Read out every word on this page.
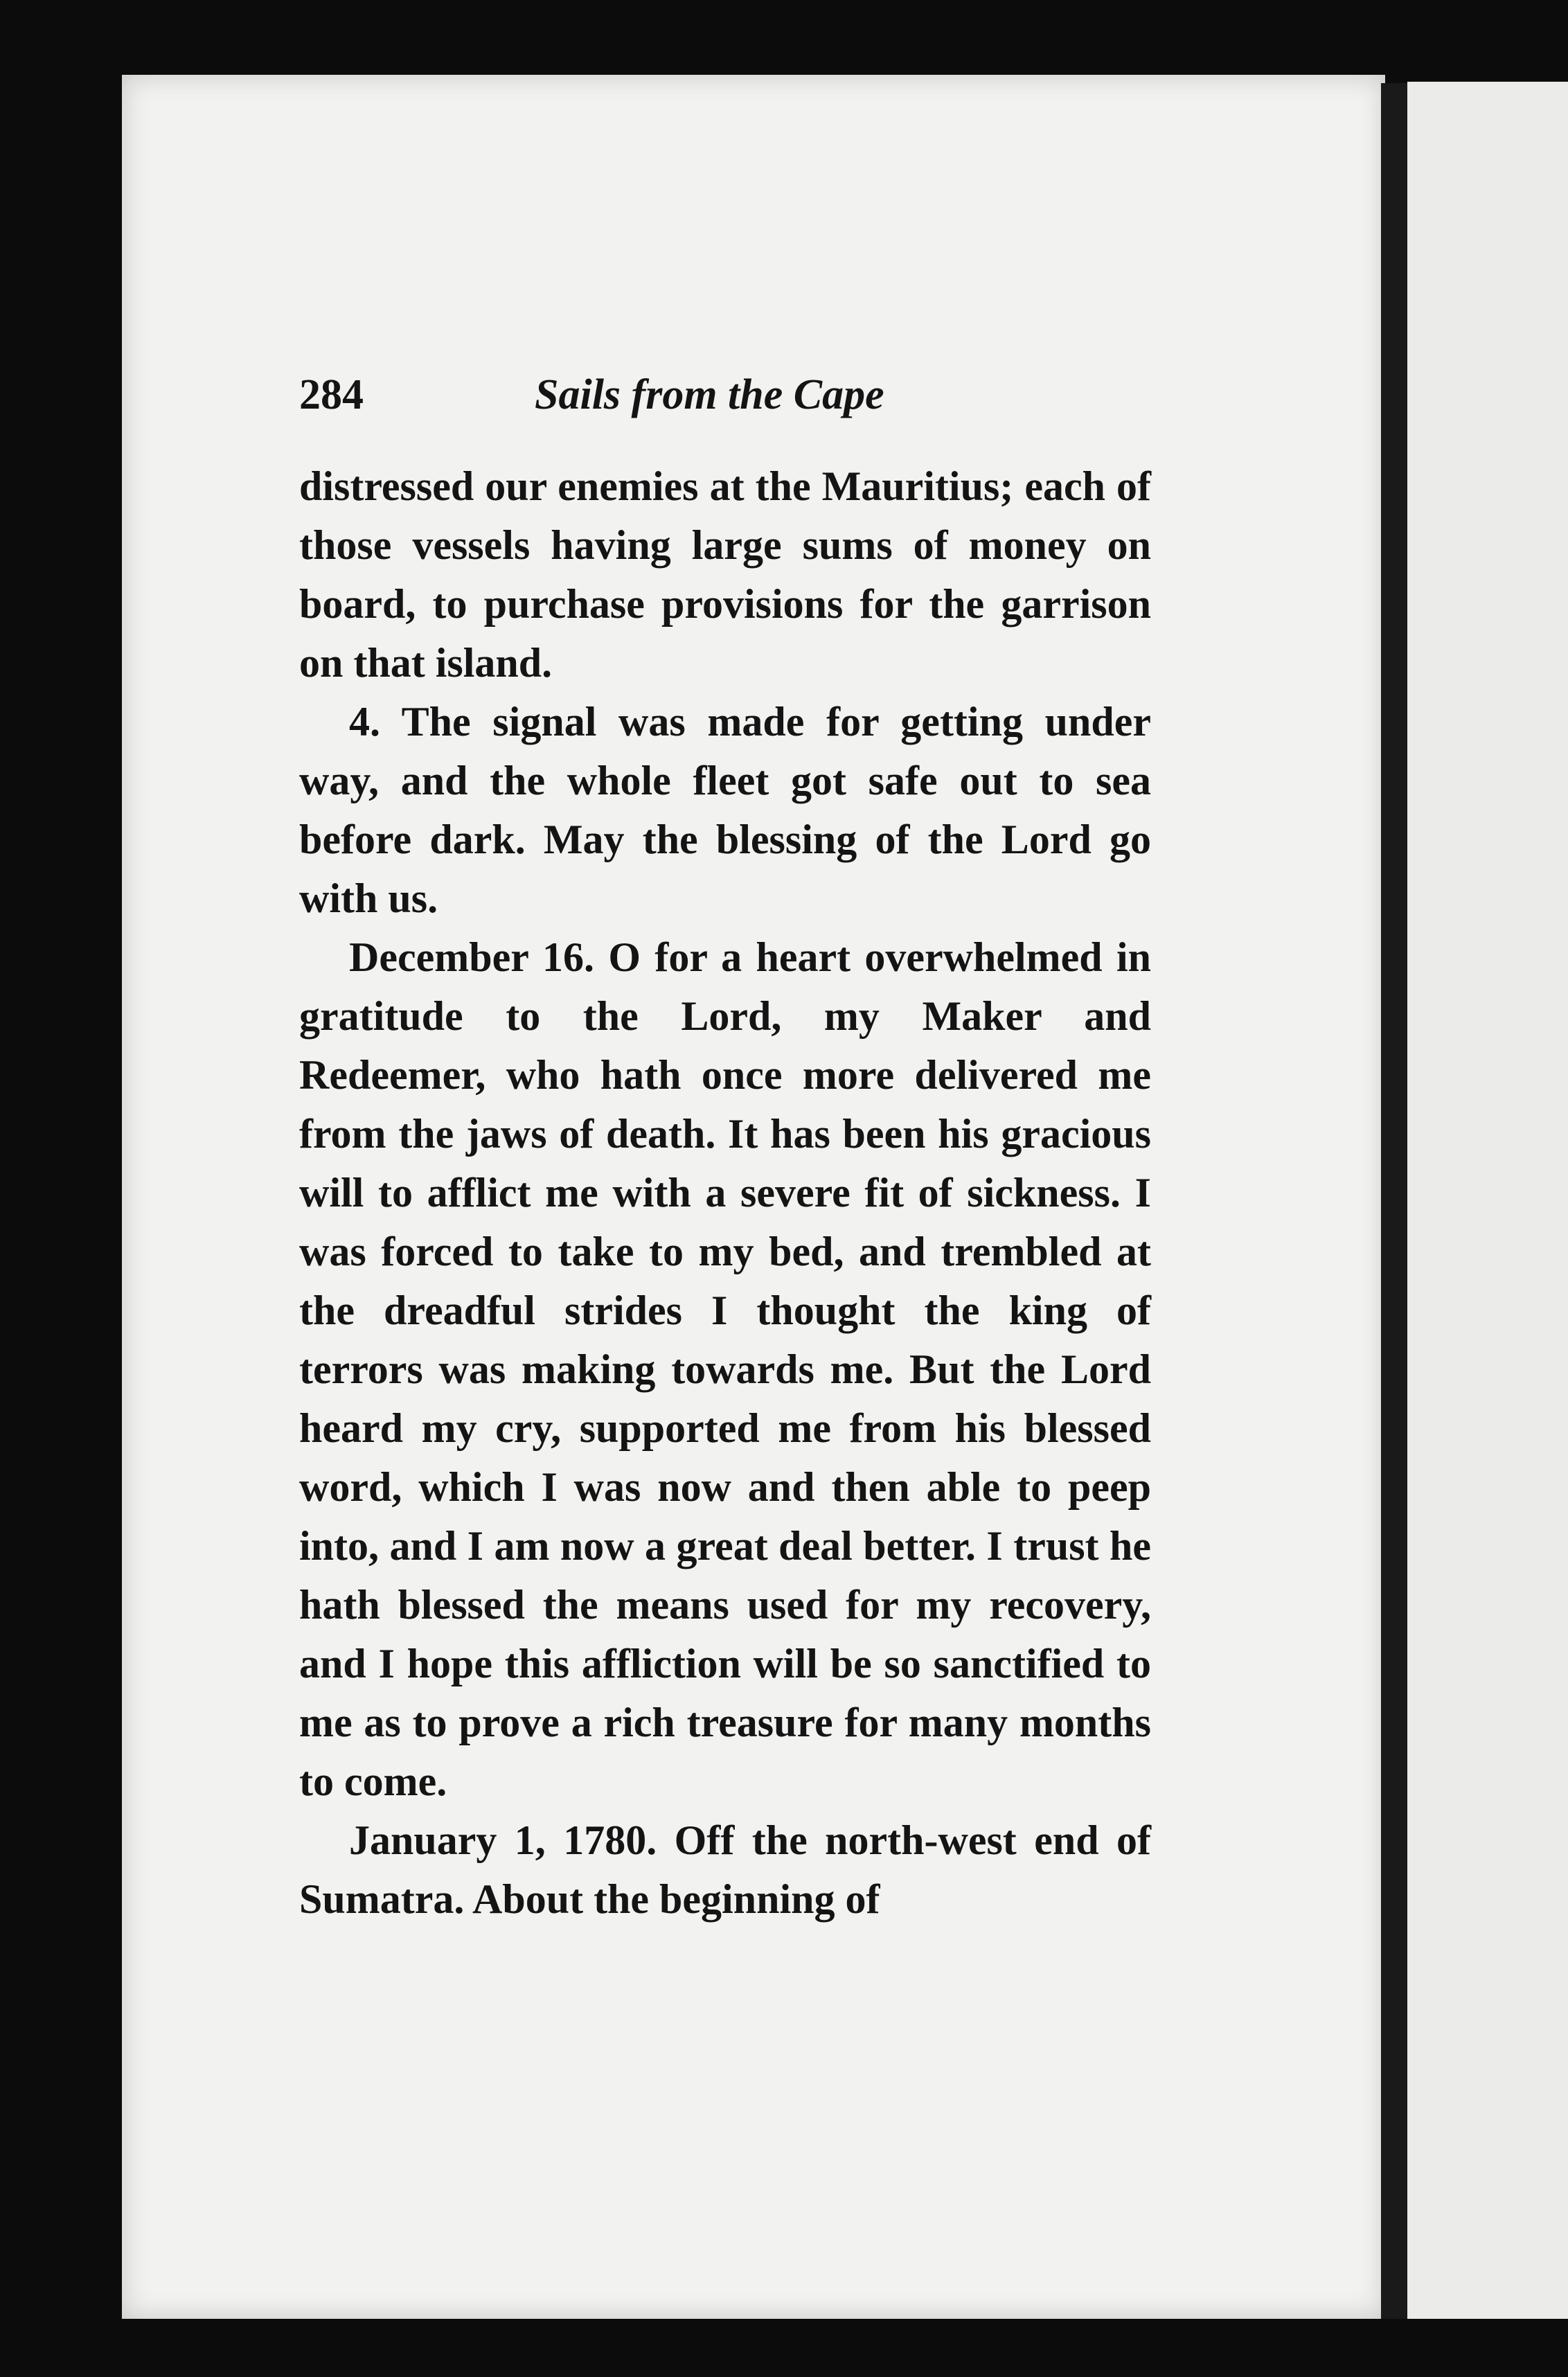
284	Sails from the Cape

distressed our enemies at the Mauritius; each of those vessels having large sums of money on board, to purchase provisions for the garrison on that island.

4. The signal was made for getting under way, and the whole fleet got safe out to sea before dark. May the blessing of the Lord go with us.

December 16. O for a heart overwhelmed in gratitude to the Lord, my Maker and Redeemer, who hath once more delivered me from the jaws of death. It has been his gracious will to afflict me with a severe fit of sickness. I was forced to take to my bed, and trembled at the dreadful strides I thought the king of terrors was making towards me. But the Lord heard my cry, supported me from his blessed word, which I was now and then able to peep into, and I am now a great deal better. I trust he hath blessed the means used for my recovery, and I hope this affliction will be so sanctified to me as to prove a rich treasure for many months to come.

January 1, 1780. Off the north-west end of Sumatra. About the beginning of
